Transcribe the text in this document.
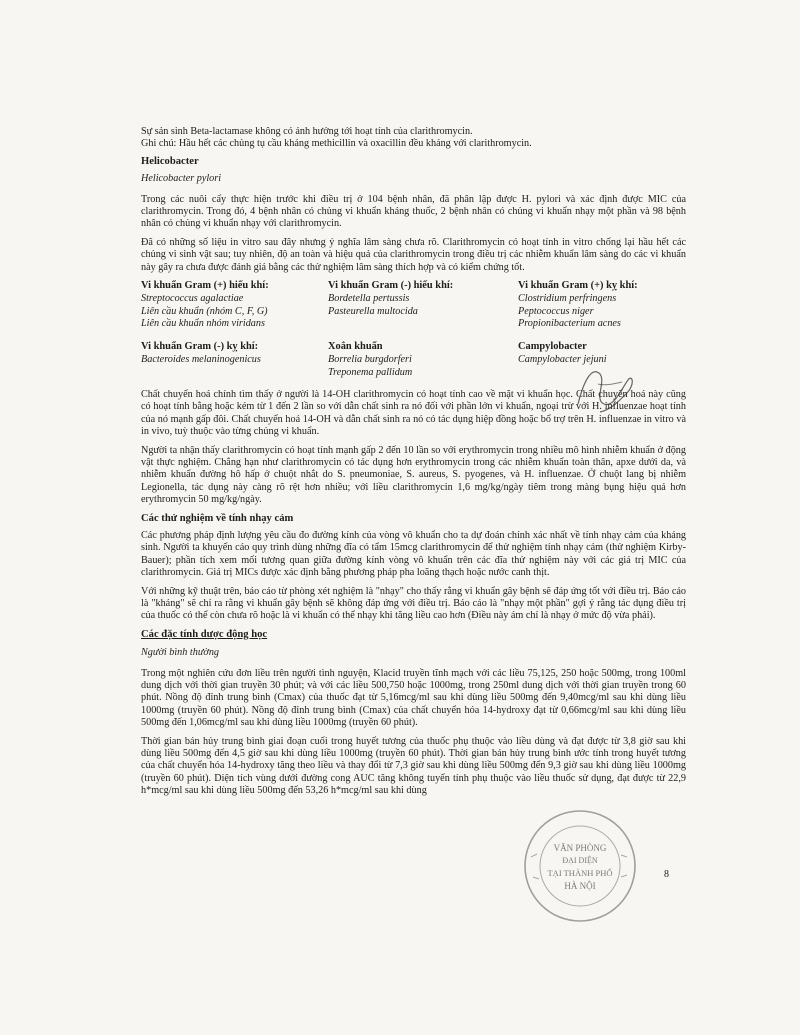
Sự sản sinh Beta-lactamase không có ảnh hưởng tới hoạt tính của clarithromycin.

Ghi chú: Hầu hết các chủng tụ cầu kháng methicillin và oxacillin đều kháng với clarithromycin.

Helicobacter
Helicobacter pylori

Trong các nuôi cấy thực hiện trước khi điều trị ở 104 bệnh nhân, đã phân lập được H. pylori và xác định được MIC của clarithromycin. Trong đó, 4 bệnh nhân có chủng vi khuẩn kháng thuốc, 2 bệnh nhân có chủng vi khuẩn nhạy một phần và 98 bệnh nhân có chủng vi khuẩn nhạy với clarithromycin.

Đã có những số liệu in vitro sau đây nhưng ý nghĩa lâm sàng chưa rõ. Clarithromycin có hoạt tính in vitro chống lại hầu hết các chủng vi sinh vật sau; tuy nhiên, độ an toàn và hiệu quả của clarithromycin trong điều trị các nhiễm khuẩn lâm sàng do các vi khuẩn này gây ra chưa được đánh giá bằng các thử nghiệm lâm sàng thích hợp và có kiểm chứng tốt.

Vi khuẩn Gram (+) hiếu khí:
Streptococcus agalactiae
Liên cầu khuẩn (nhóm C, F, G)
Liên cầu khuẩn nhóm viridans
Vi khuẩn Gram (-) hiếu khí:
Bordetella pertussis
Pasteurella multocida
Vi khuẩn Gram (+) kỵ khí:
Clostridium perfringens
Peptococcus niger
Propionibacterium acnes
Vi khuẩn Gram (-) kỵ khí:
Bacteroides melaninogenicus
Xoắn khuẩn
Borrelia burgdorferi
Treponema pallidum
Campylobacter
Campylobacter jejuni

Chất chuyển hoá chính tìm thấy ở người là 14-OH clarithromycin có hoạt tính cao về mặt vi khuẩn học. Chất chuyển hoá này cũng có hoạt tính bằng hoặc kém từ 1 đến 2 lần so với dẫn chất sinh ra nó đối với phần lớn vi khuẩn, ngoại trừ với H. influenzae hoạt tính của nó mạnh gấp đôi. Chất chuyển hoá 14-OH và dẫn chất sinh ra nó có tác dụng hiệp đồng hoặc bổ trợ trên H. influenzae in vitro và in vivo, tuỳ thuộc vào từng chủng vi khuẩn.

Người ta nhận thấy clarithromycin có hoạt tính mạnh gấp 2 đến 10 lần so với erythromycin trong nhiều mô hình nhiễm khuẩn ở động vật thực nghiệm. Chẳng hạn như clarithromycin có tác dụng hơn erythromycin trong các nhiễm khuẩn toàn thân, apxe dưới da, và nhiễm khuẩn đường hô hấp ở chuột nhắt do S. pneumoniae, S. aureus, S. pyogenes, và H. influenzae. Ở chuột lang bị nhiễm Legionella, tác dụng này càng rõ rệt hơn nhiều; với liều clarithromycin 1,6 mg/kg/ngày tiêm trong màng bụng hiệu quả hơn erythromycin 50 mg/kg/ngày.

Các thử nghiệm về tính nhạy cảm

Các phương pháp định lượng yêu cầu đo đường kính của vòng vô khuẩn cho ta dự đoán chính xác nhất về tính nhạy cảm của kháng sinh. Người ta khuyến cáo quy trình dùng những đĩa có tẩm 15mcg clarithromycin để thử nghiệm tính nhạy cảm (thử nghiệm Kirby-Bauer); phần tích xem mối tương quan giữa đường kính vòng vô khuẩn trên các đĩa thử nghiệm này với các giá trị MIC của clarithromycin. Giá trị MICs được xác định bằng phương pháp pha loãng thạch hoặc nước canh thịt.

Với những kỹ thuật trên, báo cáo từ phòng xét nghiệm là "nhạy" cho thấy rằng vi khuẩn gây bệnh sẽ đáp ứng tốt với điều trị. Báo cáo là "kháng" sẽ chỉ ra rằng vi khuẩn gây bệnh sẽ không đáp ứng với điều trị. Báo cáo là "nhạy một phần" gợi ý rằng tác dụng điều trị của thuốc có thể còn chưa rõ hoặc là vi khuẩn có thể nhạy khi tăng liều cao hơn (Điều này ám chỉ là nhạy ở mức độ vừa phải).

Các đặc tính dược động học
Người bình thường

Trong một nghiên cứu đơn liều trên người tình nguyện, Klacid truyền tĩnh mạch với các liều 75,125, 250 hoặc 500mg, trong 100ml dung dịch với thời gian truyền 30 phút; và với các liều 500,750 hoặc 1000mg, trong 250ml dung dịch với thời gian truyền trong 60 phút. Nồng độ đỉnh trung bình (Cmax) của thuốc đạt từ 5,16mcg/ml sau khi dùng liều 500mg đến 9,40mcg/ml sau khi dùng liều 1000mg (truyền 60 phút). Nồng độ đỉnh trung bình (Cmax) của chất chuyển hóa 14-hydroxy đạt từ 0,66mcg/ml sau khi dùng liều 500mg đến 1,06mcg/ml sau khi dùng liều 1000mg (truyền 60 phút).

Thời gian bán hủy trung bình giai đoạn cuối trong huyết tương của thuốc phụ thuộc vào liều dùng và đạt được từ 3,8 giờ sau khi dùng liều 500mg đến 4,5 giờ sau khi dùng liều 1000mg (truyền 60 phút). Thời gian bán hủy trung bình ước tính trong huyết tương của chất chuyển hóa 14-hydroxy tăng theo liều và thay đổi từ 7,3 giờ sau khi dùng liều 500mg đến 9,3 giờ sau khi dùng liều 1000mg (truyền 60 phút). Diện tích vùng dưới đường cong AUC tăng không tuyến tính phụ thuộc vào liều thuốc sử dụng, đạt được từ 22,9 h*mcg/ml sau khi dùng liều 500mg đến 53,26 h*mcg/ml sau khi dùng

VĂN PHÒNG
ĐẠI DIỆN
TẠI THÀNH PHỐ
HÀ NỘI
8
